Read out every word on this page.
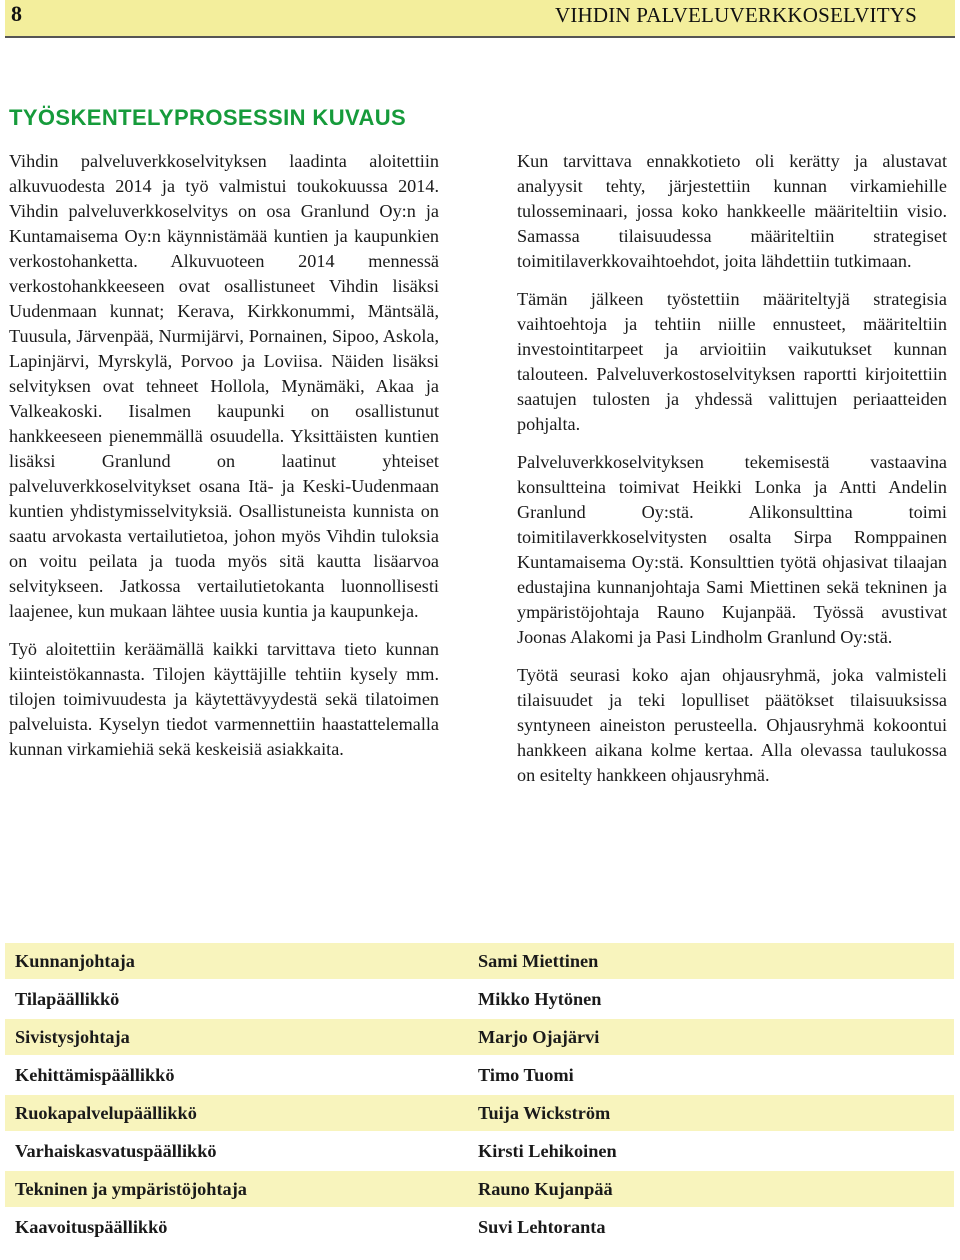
8	VIHDIN PALVELUVERKKOSELVITYS
TYÖSKENTELYPROSESSIN KUVAUS

Vihdin palveluverkkoselvityksen laadinta aloitettiin alkuvuodesta 2014 ja työ valmistui toukokuussa 2014. Vihdin palveluverkkoselvitys on osa Granlund Oy:n ja Kuntamaisema Oy:n käynnistämää kuntien ja kaupunkien verkostohanketta. Alkuvuoteen 2014 mennessä verkostohankkeeseen ovat osallistuneet Vihdin lisäksi Uudenmaan kunnat; Kerava, Kirkkonummi, Mäntsälä, Tuusula, Järvenpää, Nurmijärvi, Pornainen, Sipoo, Askola, Lapinjärvi, Myrskylä, Porvoo ja Loviisa. Näiden lisäksi selvityksen ovat tehneet Hollola, Mynämäki, Akaa ja Valkeakoski. Iisalmen kaupunki on osallistunut hankkeeseen pienemmällä osuudella. Yksittäisten kuntien lisäksi Granlund on laatinut yhteiset palveluverkkoselvitykset osana Itä- ja Keski-Uudenmaan kuntien yhdistymisselvityksiä. Osallistuneista kunnista on saatu arvokasta vertailutietoa, johon myös Vihdin tuloksia on voitu peilata ja tuoda myös sitä kautta lisäarvoa selvitykseen. Jatkossa vertailutietokanta luonnollisesti laajenee, kun mukaan lähtee uusia kuntia ja kaupunkeja.

Työ aloitettiin keräämällä kaikki tarvittava tieto kunnan kiinteistökannasta. Tilojen käyttäjille tehtiin kysely mm. tilojen toimivuudesta ja käytettävyydestä sekä tilatoimen palveluista. Kyselyn tiedot varmennettiin haastattelemalla kunnan virkamiehiä sekä keskeisiä asiakkaita.

Kun tarvittava ennakkotieto oli kerätty ja alustavat analyysit tehty, järjestettiin kunnan virkamiehille tulosseminaari, jossa koko hankkeelle määriteltiin visio. Samassa tilaisuudessa määriteltiin strategiset toimitilaverkkovaihtoehdot, joita lähdettiin tutkimaan.

Tämän jälkeen työstettiin määriteltyjä strategisia vaihtoehtoja ja tehtiin niille ennusteet, määriteltiin investointitarpeet ja arvioitiin vaikutukset kunnan talouteen. Palveluverkostoselvityksen raportti kirjoitettiin saatujen tulosten ja yhdessä valittujen periaatteiden pohjalta.

Palveluverkkoselvityksen tekemisestä vastaavina konsultteina toimivat Heikki Lonka ja Antti Andelin Granlund Oy:stä. Alikonsulttina toimi toimitilaverkkoselvitysten osalta Sirpa Romppainen Kuntamaisema Oy:stä. Konsulttien työtä ohjasivat tilaajan edustajina kunnanjohtaja Sami Miettinen sekä tekninen ja ympäristöjohtaja Rauno Kujanpää. Työssä avustivat Joonas Alakomi ja Pasi Lindholm Granlund Oy:stä.

Työtä seurasi koko ajan ohjausryhmä, joka valmisteli tilaisuudet ja teki lopulliset päätökset tilaisuuksissa syntyneen aineiston perusteella. Ohjausryhmä kokoontui hankkeen aikana kolme kertaa. Alla olevassa taulukossa on esitelty hankkeen ohjausryhmä.

Kunnanjohtaja	Sami Miettinen
Tilapäällikkö	Mikko Hytönen
Sivistysjohtaja	Marjo Ojajärvi
Kehittämispäällikkö	Timo Tuomi
Ruokapalvelupäällikkö	Tuija Wickström
Varhaiskasvatuspäällikkö	Kirsti Lehikoinen
Tekninen ja ympäristöjohtaja	Rauno Kujanpää
Kaavoituspäällikkö	Suvi Lehtoranta
